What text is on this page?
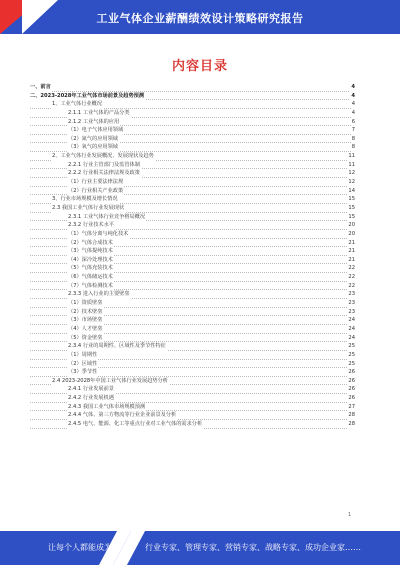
工业气体企业薪酬绩效设计策略研究报告
内容目录
一、前言	4
二、2023-2028年工业气体市场前景及趋势预测	4
1、工业气体行业概况	4
2.1.1 工业气体的产品分类	4
2.1.2 工业气体的应用	6
（1）电子气体应用领域	7
（2）氮气的应用领域	8
（3）氧气的应用领域	8
2、工业气体行业发展概况、发展现状及趋势	11
2.2.1 行业主管部门及监管体制	11
2.2.2 行业相关法律法规及政策	12
（1）行业主要法律法规	12
（2）行业相关产业政策	14
3、行业市场规模及增长情况	15
2.3 我国工业气体行业发展现状	15
2.3.1 工业气体行业竞争格局概况	15
2.3.2 行业技术水平	20
（1）气体分离与纯化技术	20
（2）气体合成技术	21
（3）气体提纯技术	21
（4）深冷处理技术	21
（5）气体充装技术	22
（6）气体储运技术	22
（7）气体检测技术	22
2.3.3 进入行业的主要壁垒	23
（1）资质壁垒	23
（2）技术壁垒	23
（3）市场壁垒	24
（4）人才壁垒	24
（5）资金壁垒	24
2.3.4 行业的周期性、区域性及季节性特征	25
（1）周期性	25
（2）区域性	25
（3）季节性	26
2.4 2023-2028年中国工业气体行业发展趋势分析	26
2.4.1 行业发展前景	26
2.4.2 行业发展机遇	26
2.4.3 我国工业气体市场规模预测	27
2.4.4 气体、第三方物流等行业企业前景及分析	28
2.4.5 电气、能源、化工等重点行业对工业气体的需求分析	28
1
让每个人都能成为	行业专家、管理专家、营销专家、战略专家、成功企业家……
